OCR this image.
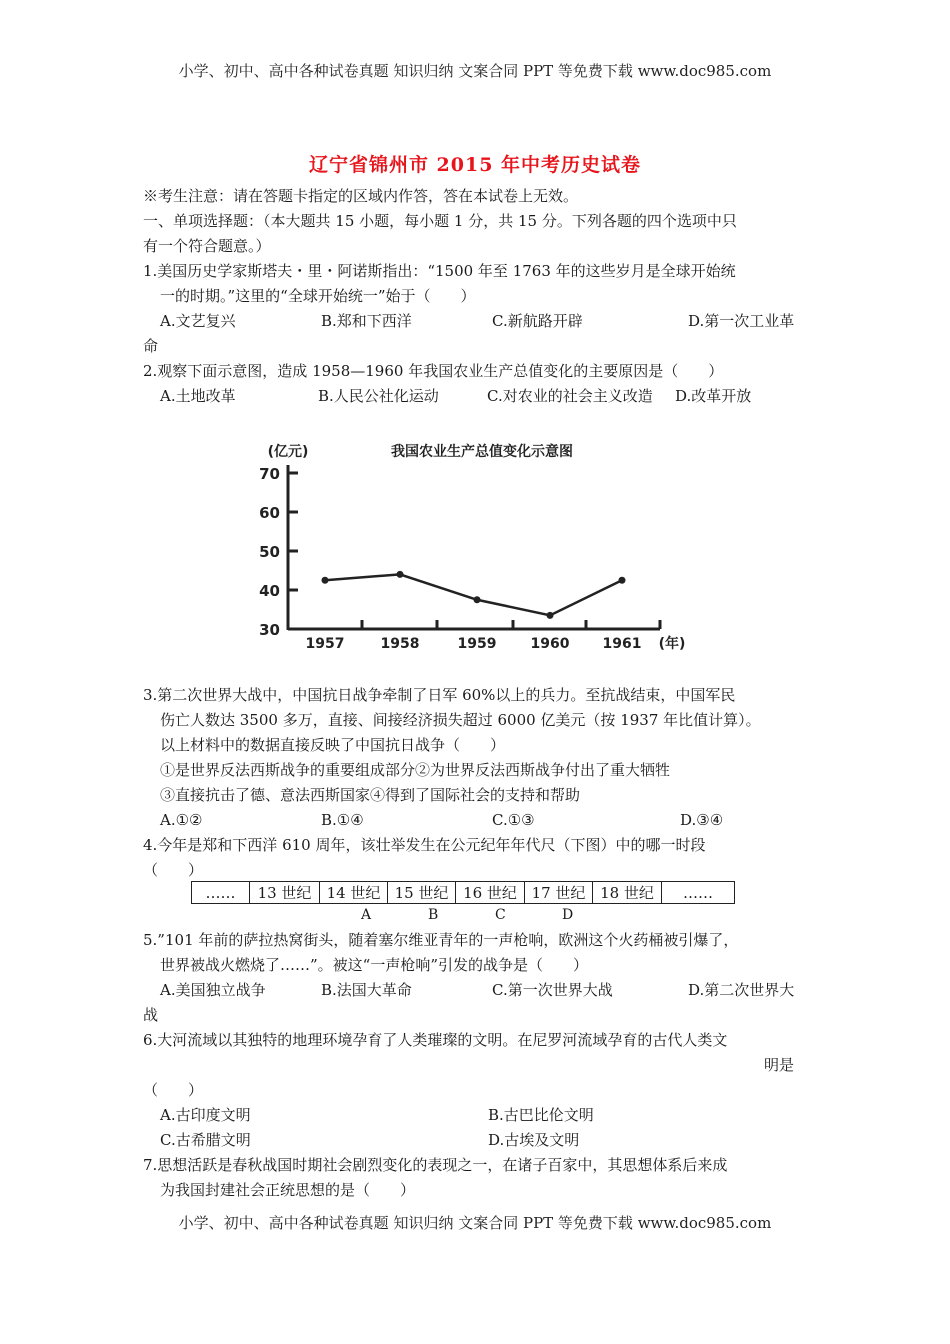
小学、初中、高中各种试卷真题 知识归纳 文案合同 PPT 等免费下载 www.doc985.com
辽宁省锦州市 2015 年中考历史试卷
※考生注意：请在答题卡指定的区域内作答，答在本试卷上无效。
一、单项选择题：（本大题共 15 小题，每小题 1 分，共 15 分。下列各题的四个选项中只
有一个符合题意。）
1.美国历史学家斯塔夫・里・阿诺斯指出：“1500 年至 1763 年的这些岁月是全球开始统
一的时期。”这里的“全球开始统一”始于（　　）
A.文艺复兴	B.郑和下西洋	C.新航路开辟	D.第一次工业革
命
2.观察下面示意图，造成 1958—1960 年我国农业生产总值变化的主要原因是（　　）
A.土地改革	B.人民公社化运动	C.对农业的社会主义改造 D.改革开放
我国农业生产总值变化示意图
(亿元)
(年)
30
40
50
60
70
1957	1958	1959 1960 1961
3.第二次世界大战中，中国抗日战争牵制了日军 60%以上的兵力。至抗战结束，中国军民
伤亡人数达 3500 多万，直接、间接经济损失超过 6000 亿美元（按 1937 年比值计算）。
以上材料中的数据直接反映了中国抗日战争（　　）
①是世界反法西斯战争的重要组成部分②为世界反法西斯战争付出了重大牺牲
③直接抗击了德、意法西斯国家④得到了国际社会的支持和帮助
A.①②	B.①④	C.①③	D.③④
4.今年是郑和下西洋 610 周年，该壮举发生在公元纪年年代尺（下图）中的哪一时段
（　　）
……	13 世纪	14 世纪	15 世纪	16 世纪	17 世纪	18 世纪	……
A	B	C	D
5.”101 年前的萨拉热窝街头，随着塞尔维亚青年的一声枪响，欧洲这个火药桶被引爆了，
世界被战火燃烧了……”。被这“一声枪响”引发的战争是（　　）
A.美国独立战争	B.法国大革命	C.第一次世界大战	D.第二次世界大
战
6.大河流域以其独特的地理环境孕育了人类璀璨的文明。在尼罗河流域孕育的古代人类文
明是
（　　）
A.古印度文明	B.古巴比伦文明
C.古希腊文明	D.古埃及文明
7.思想活跃是春秋战国时期社会剧烈变化的表现之一，在诸子百家中，其思想体系后来成
为我国封建社会正统思想的是（　　）
小学、初中、高中各种试卷真题 知识归纳 文案合同 PPT 等免费下载 www.doc985.com
